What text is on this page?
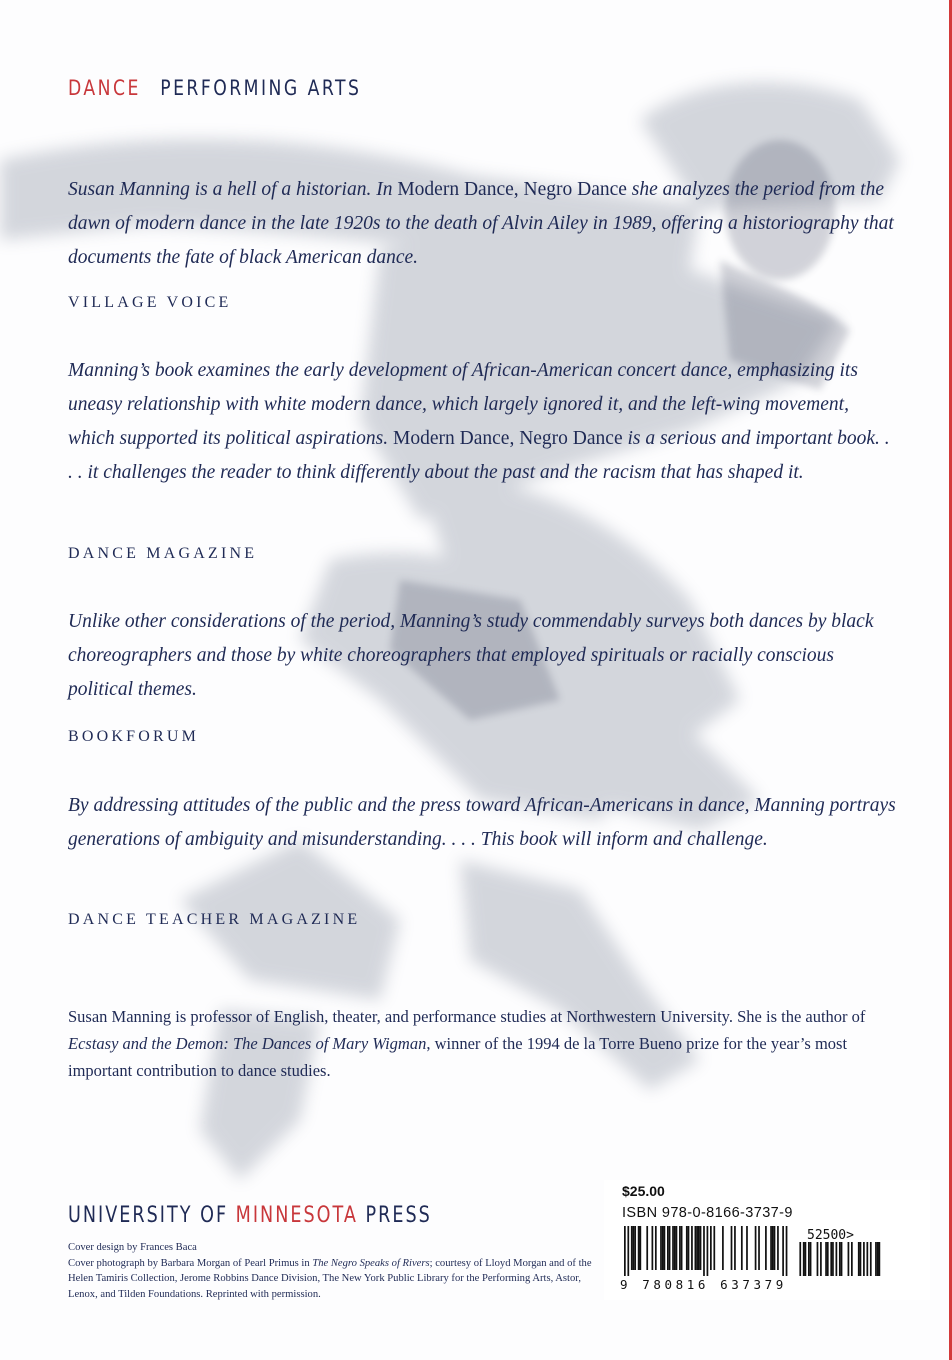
DANCE PERFORMING ARTS
Susan Manning is a hell of a historian. In Modern Dance, Negro Dance she analyzes the period from the dawn of modern dance in the late 1920s to the death of Alvin Ailey in 1989, offering a historiography that documents the fate of black American dance.
VILLAGE VOICE
Manning’s book examines the early development of African-American concert dance, emphasizing its uneasy relationship with white modern dance, which largely ignored it, and the left-wing movement, which supported its political aspirations. Modern Dance, Negro Dance is a serious and important book. . . . it challenges the reader to think differently about the past and the racism that has shaped it.
DANCE MAGAZINE
Unlike other considerations of the period, Manning’s study commendably surveys both dances by black choreographers and those by white choreographers that employed spirituals or racially conscious political themes.
BOOKFORUM
By addressing attitudes of the public and the press toward African-Americans in dance, Manning portrays generations of ambiguity and misunderstanding. . . . This book will inform and challenge.
DANCE TEACHER MAGAZINE
Susan Manning is professor of English, theater, and performance studies at Northwestern University. She is the author of Ecstasy and the Demon: The Dances of Mary Wigman, winner of the 1994 de la Torre Bueno prize for the year’s most important contribution to dance studies.
UNIVERSITY OF MINNESOTA PRESS
Cover design by Frances Baca
Cover photograph by Barbara Morgan of Pearl Primus in The Negro Speaks of Rivers; courtesy of Lloyd Morgan and of the Helen Tamiris Collection, Jerome Robbins Dance Division, The New York Public Library for the Performing Arts, Astor, Lenox, and Tilden Foundations. Reprinted with permission.
$25.00
ISBN 978-0-8166-3737-9
52500>
9 780816 637379
